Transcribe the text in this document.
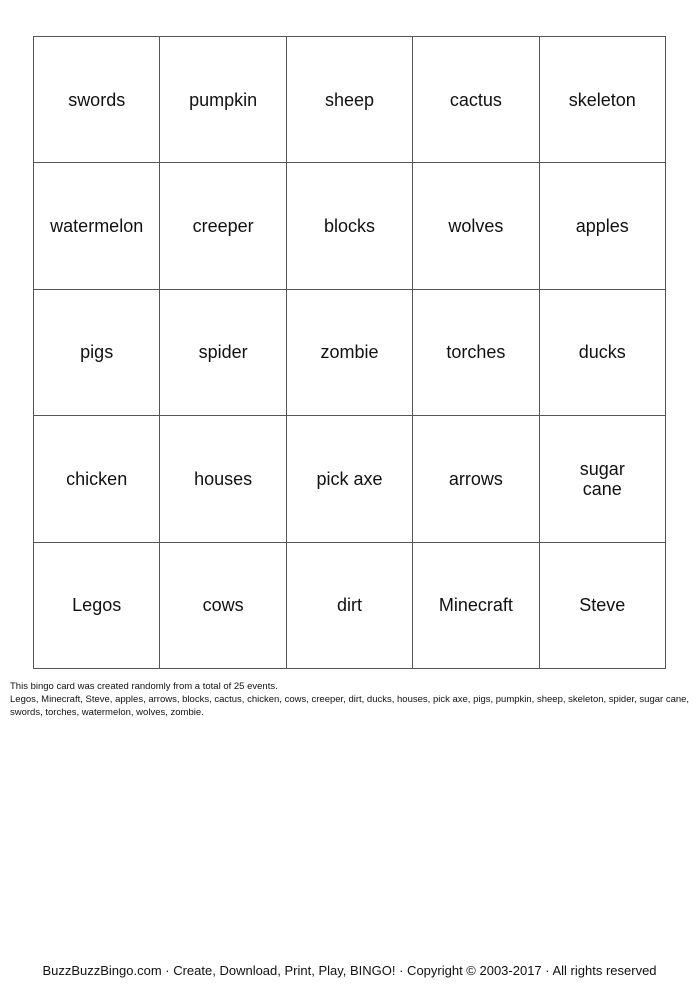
swords	pumpkin	sheep	cactus	skeleton
watermelon	creeper	blocks	wolves	apples
pigs	spider	zombie	torches	ducks
chicken	houses	pick axe	arrows	sugar cane
Legos	cows	dirt	Minecraft	Steve
This bingo card was created randomly from a total of 25 events.
Legos, Minecraft, Steve, apples, arrows, blocks, cactus, chicken, cows, creeper, dirt, ducks, houses, pick axe, pigs, pumpkin, sheep, skeleton, spider, sugar cane, swords, torches, watermelon, wolves, zombie.
BuzzBuzzBingo.com · Create, Download, Print, Play, BINGO! · Copyright © 2003-2017 · All rights reserved
